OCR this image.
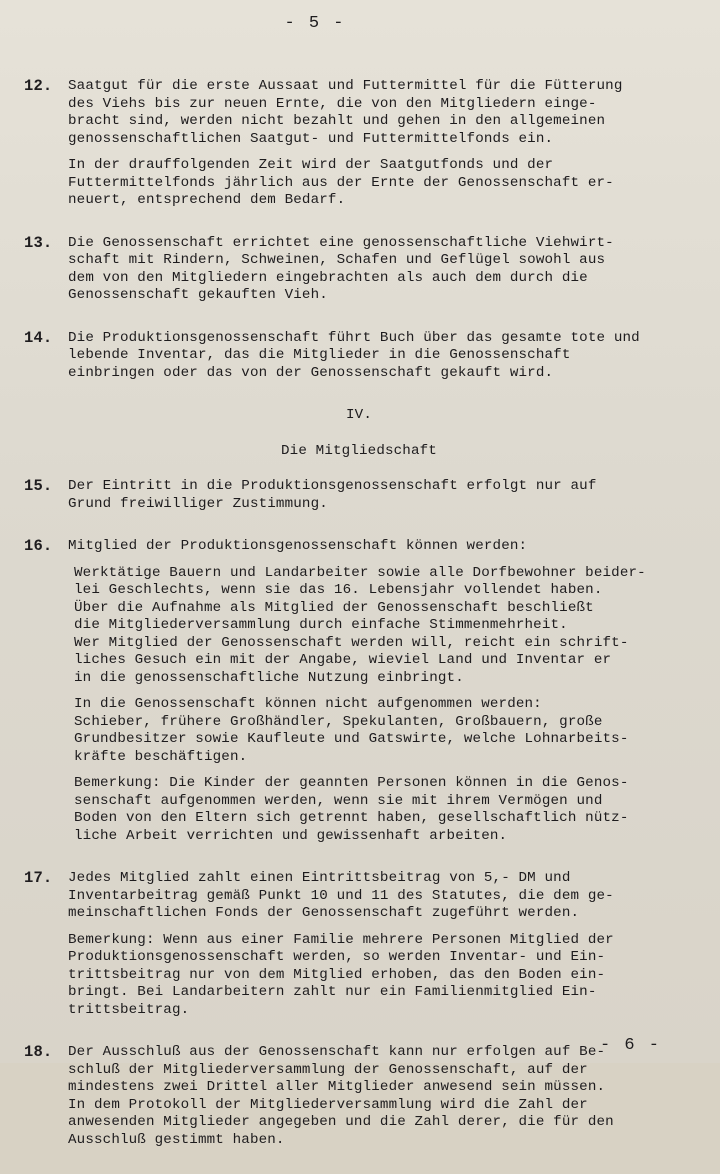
- 5 -
12.	Saatgut für die erste Aussaat und Futtermittel für die Fütterung
des Viehs bis zur neuen Ernte, die von den Mitgliedern einge-
bracht sind, werden nicht bezahlt und gehen in den allgemeinen
genossenschaftlichen Saatgut- und Futtermittelfonds ein.

In der drauffolgenden Zeit wird der Saatgutfonds und der
Futtermittelfonds jährlich aus der Ernte der Genossenschaft er-
neuert, entsprechend dem Bedarf.

13.	Die Genossenschaft errichtet eine genossenschaftliche Viehwirt-
schaft mit Rindern, Schweinen, Schafen und Geflügel sowohl aus
dem von den Mitgliedern eingebrachten als auch dem durch die
Genossenschaft gekauften Vieh.

14.	Die Produktionsgenossenschaft führt Buch über das gesamte tote und
lebende Inventar, das die Mitglieder in die Genossenschaft
einbringen oder das von der Genossenschaft gekauft wird.

IV.
Die Mitgliedschaft
15.	Der Eintritt in die Produktionsgenossenschaft erfolgt nur auf
Grund freiwilliger Zustimmung.

16.	Mitglied der Produktionsgenossenschaft können werden:

Werktätige Bauern und Landarbeiter sowie alle Dorfbewohner beider-
lei Geschlechts, wenn sie das 16. Lebensjahr vollendet haben.
Über die Aufnahme als Mitglied der Genossenschaft beschließt
die Mitgliederversammlung durch einfache Stimmenmehrheit.
Wer Mitglied der Genossenschaft werden will, reicht ein schrift-
liches Gesuch ein mit der Angabe, wieviel Land und Inventar er
in die genossenschaftliche Nutzung einbringt.

In die Genossenschaft können nicht aufgenommen werden:
Schieber, frühere Großhändler, Spekulanten, Großbauern, große
Grundbesitzer sowie Kaufleute und Gatswirte, welche Lohnarbeits-
kräfte beschäftigen.

Bemerkung: Die Kinder der geannten Personen können in die Genos-
senschaft aufgenommen werden, wenn sie mit ihrem Vermögen und
Boden von den Eltern sich getrennt haben, gesellschaftlich nütz-
liche Arbeit verrichten und gewissenhaft arbeiten.

17.	Jedes Mitglied zahlt einen Eintrittsbeitrag von 5,- DM und
Inventarbeitrag gemäß Punkt 10 und 11 des Statutes, die dem ge-
meinschaftlichen Fonds der Genossenschaft zugeführt werden.

Bemerkung: Wenn aus einer Familie mehrere Personen Mitglied der
Produktionsgenossenschaft werden, so werden Inventar- und Ein-
trittsbeitrag nur von dem Mitglied erhoben, das den Boden ein-
bringt. Bei Landarbeitern zahlt nur ein Familienmitglied Ein-
trittsbeitrag.

18.	Der Ausschluß aus der Genossenschaft kann nur erfolgen auf Be-
schluß der Mitgliederversammlung der Genossenschaft, auf der
mindestens zwei Drittel aller Mitglieder anwesend sein müssen.
In dem Protokoll der Mitgliederversammlung wird die Zahl der
anwesenden Mitglieder angegeben und die Zahl derer, die für den
Ausschluß gestimmt haben.

- 6 -
